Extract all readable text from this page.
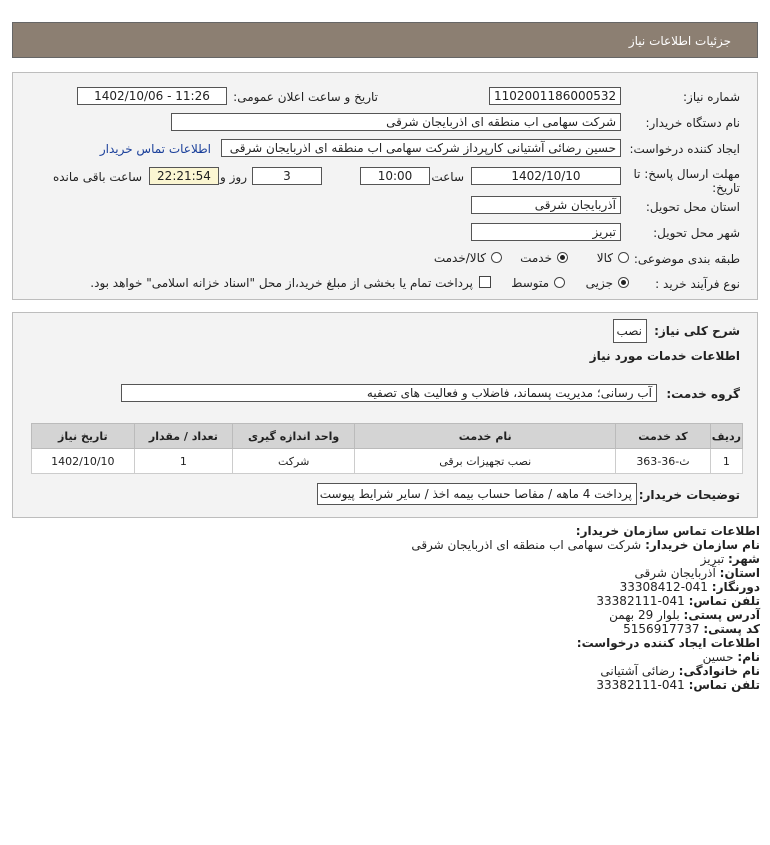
جزئیات اطلاعات نیاز
شماره نیاز:
1102001186000532
تاریخ و ساعت اعلان عمومی:
1402/10/06 - 11:26
نام دستگاه خریدار:
شرکت سهامی اب منطقه ای اذربایجان شرقی
ایجاد کننده درخواست:
حسین رضائی آشتیانی کارپرداز شرکت سهامی اب منطقه ای اذربایجان شرقی
اطلاعات تماس خریدار
مهلت ارسال پاسخ: تا
تاریخ:
1402/10/10
ساعت
10:00
3
روز و
22:21:54
ساعت باقی مانده
استان محل تحویل:
آذربایجان شرقی
شهر محل تحویل:
تبریز
طبقه بندی موضوعی:
کالا
خدمت
کالا/خدمت
نوع فرآیند خرید :
جزیی
متوسط
پرداخت تمام یا بخشی از مبلغ خرید،از محل "اسناد خزانه اسلامی" خواهد بود.
شرح کلی نیاز:
نصب
اطلاعات خدمات مورد نیاز
گروه خدمت:
آب رسانی؛ مدیریت پسماند، فاضلاب و فعالیت های تصفیه
ردیف	کد خدمت	نام خدمت	واحد اندازه گیری	تعداد / مقدار	تاریخ نیاز
1	ث-36-363	نصب تجهیزات برقی	شرکت	1	1402/10/10
توضیحات خریدار:
پرداخت 4 ماهه / مفاصا حساب بیمه اخذ / سایر شرایط پیوست
اطلاعات تماس سازمان خریدار:
نام سازمان خریدار: شرکت سهامی اب منطقه ای اذربایجان شرقی
شهر: تبریز
استان: آذربایجان شرقی
دورنگار: 041-33308412
تلفن تماس: 041-33382111
آدرس پستی: بلوار 29 بهمن
کد پستی: 5156917737
اطلاعات ایجاد کننده درخواست:
نام: حسین
نام خانوادگی: رضائی آشتیانی
تلفن تماس: 041-33382111
